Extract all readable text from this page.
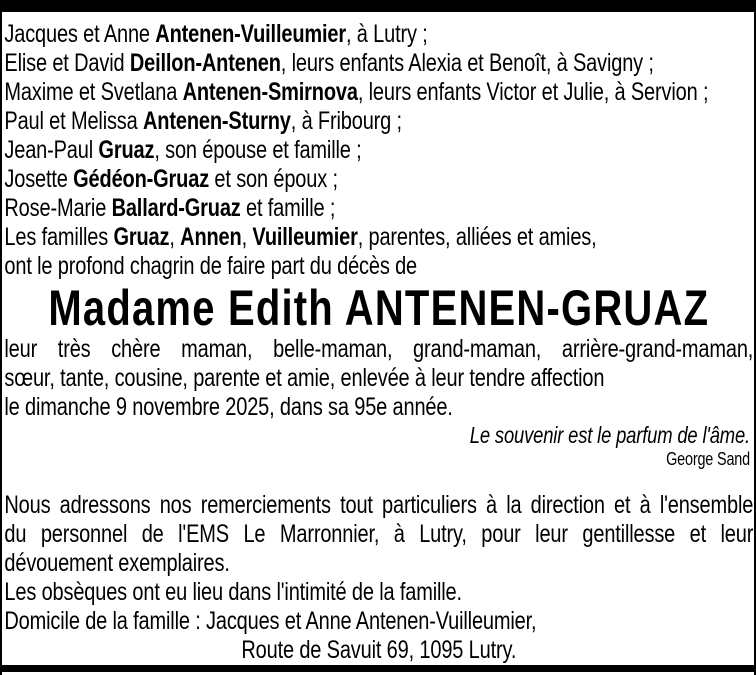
Jacques et Anne Antenen-Vuilleumier, à Lutry ;
Elise et David Deillon-Antenen, leurs enfants Alexia et Benoît, à Savigny ;
Maxime et Svetlana Antenen-Smirnova, leurs enfants Victor et Julie, à Servion ;
Paul et Melissa Antenen-Sturny, à Fribourg ;
Jean-Paul Gruaz, son épouse et famille ;
Josette Gédéon-Gruaz et son époux ;
Rose-Marie Ballard-Gruaz et famille ;
Les familles Gruaz, Annen, Vuilleumier, parentes, alliées et amies,
ont le profond chagrin de faire part du décès de
Madame Edith ANTENEN-GRUAZ
leur très chère maman, belle-maman, grand-maman, arrière-grand-maman,
sœur, tante, cousine, parente et amie, enlevée à leur tendre affection
le dimanche 9 novembre 2025, dans sa 95e année.
Le souvenir est le parfum de l'âme.
George Sand
Nous adressons nos remerciements tout particuliers à la direction et à l'ensemble
du personnel de l'EMS Le Marronnier, à Lutry, pour leur gentillesse et leur
dévouement exemplaires.
Les obsèques ont eu lieu dans l'intimité de la famille.
Domicile de la famille : Jacques et Anne Antenen-Vuilleumier,
Route de Savuit 69, 1095 Lutry.
